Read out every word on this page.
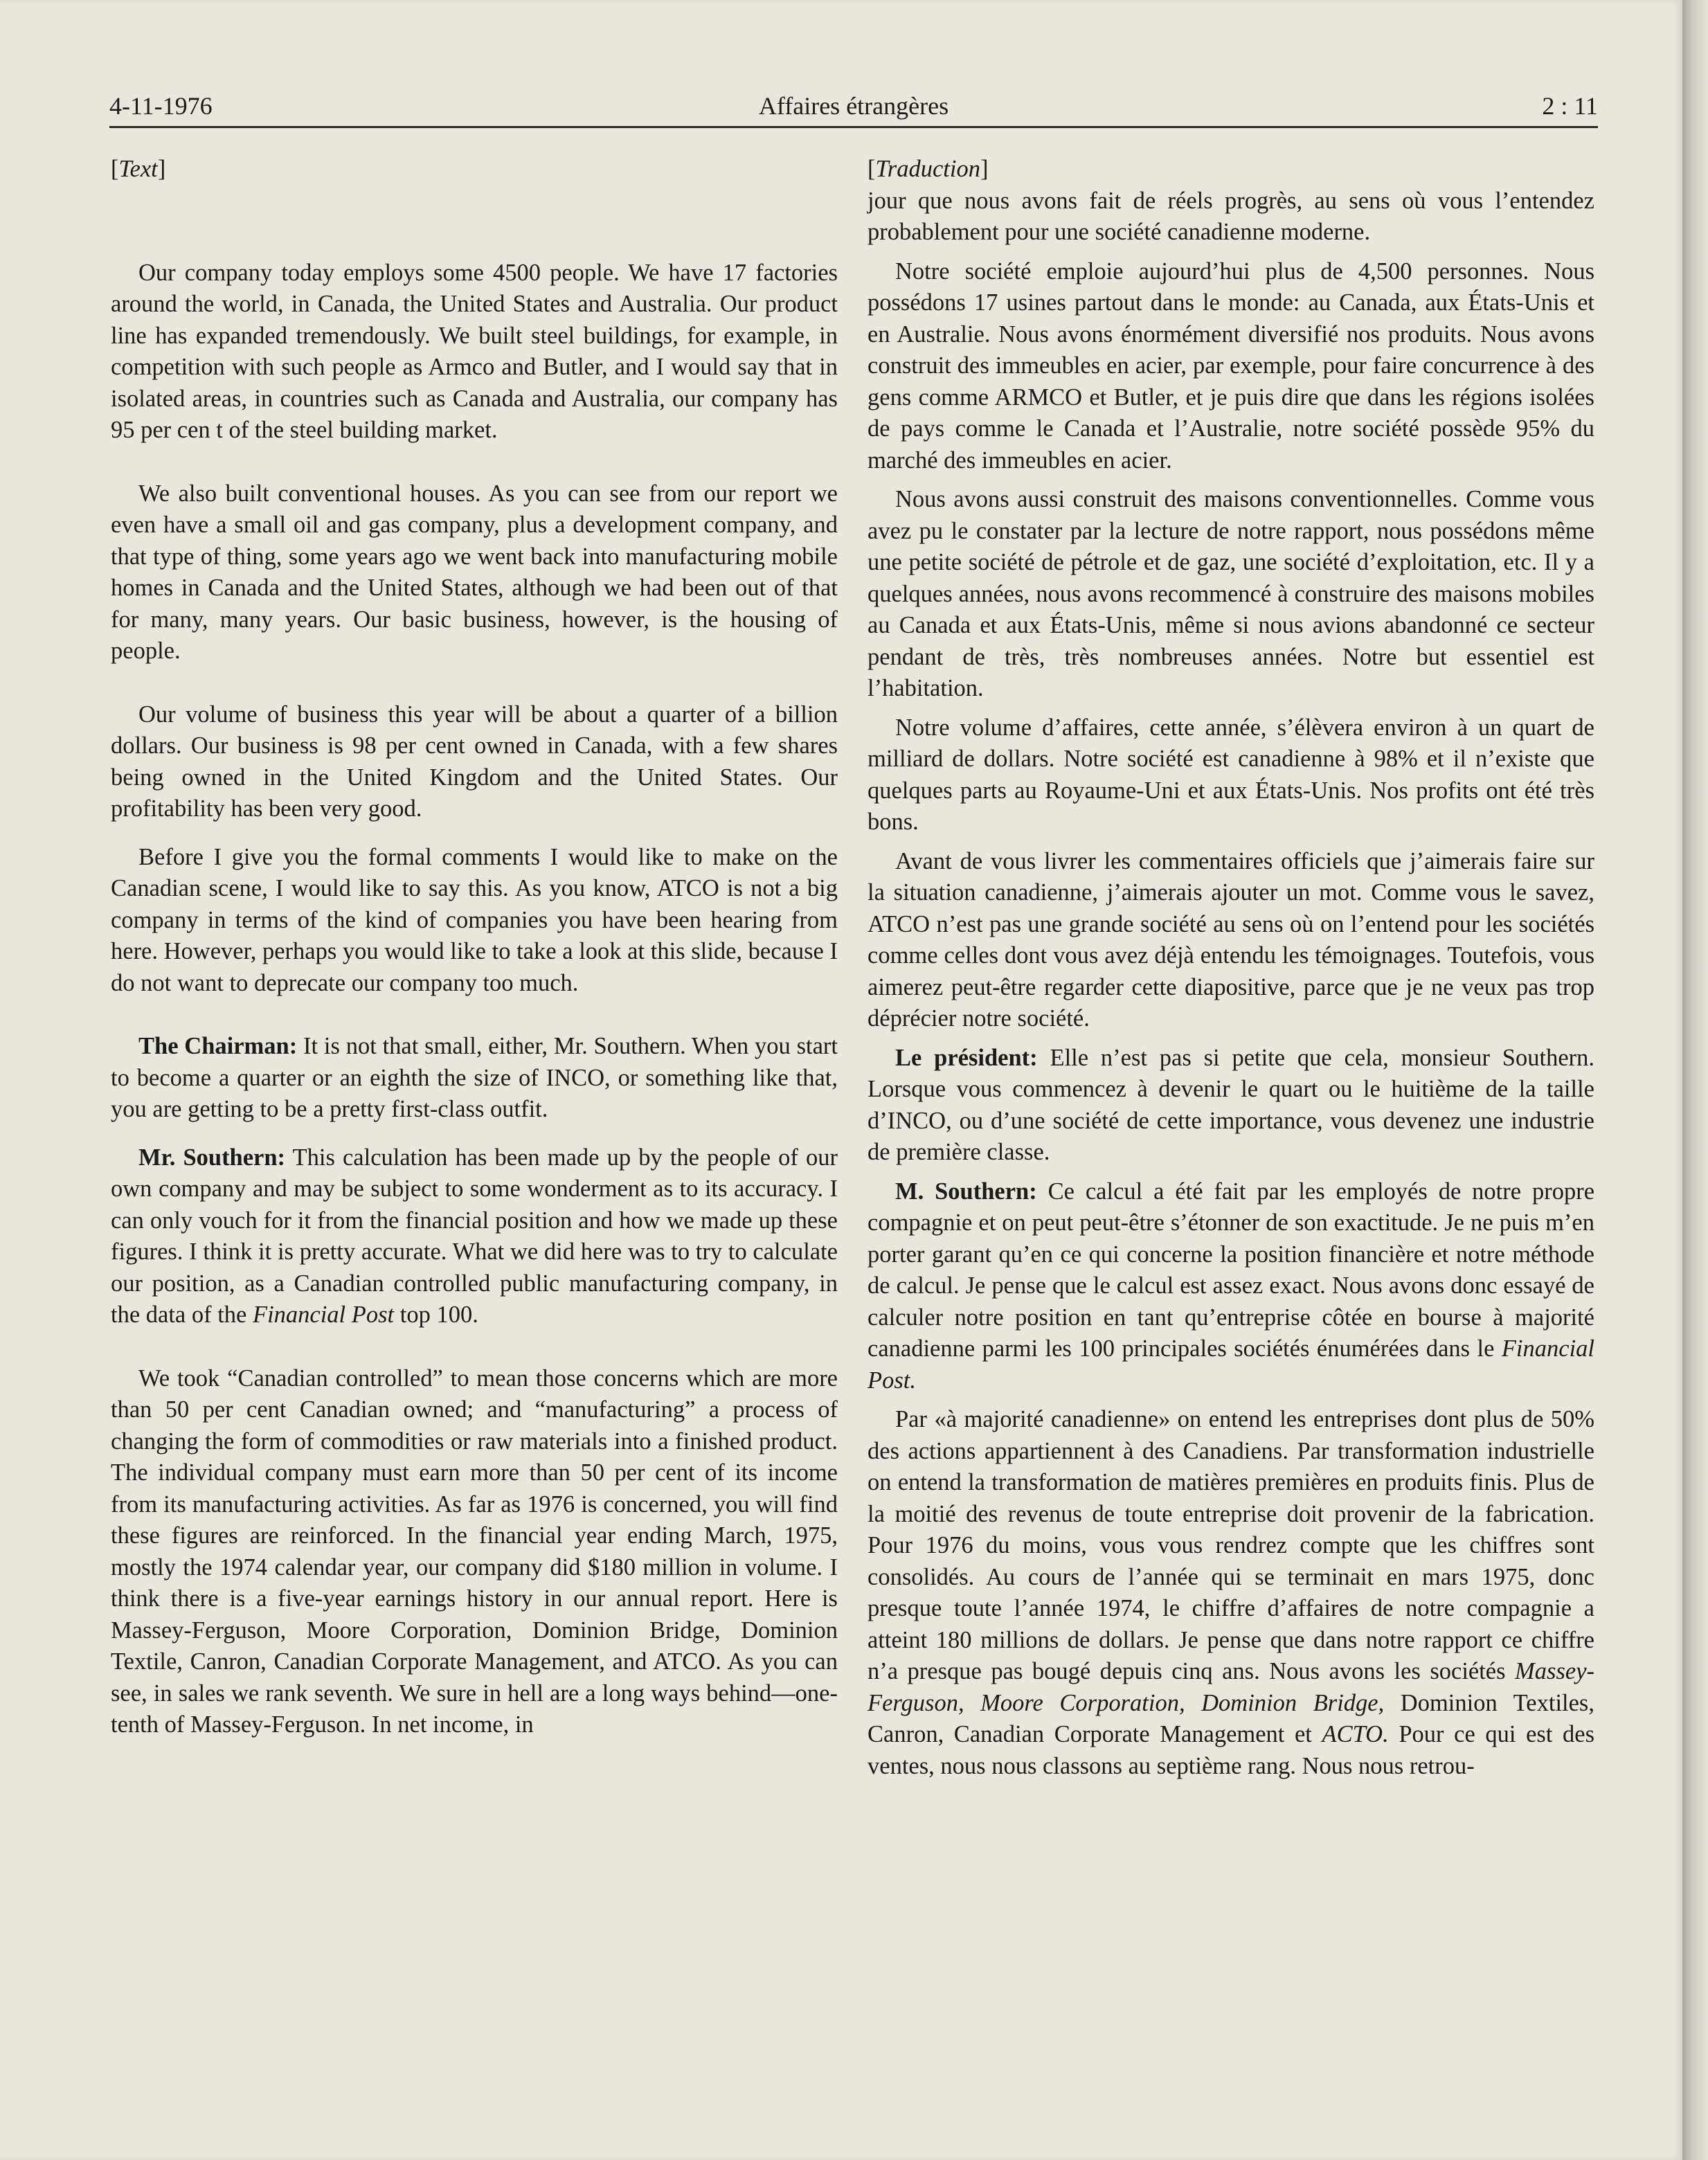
4-11-1976	Affaires étrangères	2 : 11

[Text]

Our company today employs some 4500 people. We have 17 factories around the world, in Canada, the United States and Australia. Our product line has expanded tremendously. We built steel buildings, for example, in competition with such people as Armco and Butler, and I would say that in isolated areas, in countries such as Canada and Australia, our company has 95 per cen t of the steel building market.

We also built conventional houses. As you can see from our report we even have a small oil and gas company, plus a development company, and that type of thing, some years ago we went back into manufacturing mobile homes in Canada and the United States, although we had been out of that for many, many years. Our basic business, however, is the housing of people.

Our volume of business this year will be about a quarter of a billion dollars. Our business is 98 per cent owned in Canada, with a few shares being owned in the United Kingdom and the United States. Our profitability has been very good.

Before I give you the formal comments I would like to make on the Canadian scene, I would like to say this. As you know, ATCO is not a big company in terms of the kind of companies you have been hearing from here. However, perhaps you would like to take a look at this slide, because I do not want to deprecate our company too much.

The Chairman: It is not that small, either, Mr. Southern. When you start to become a quarter or an eighth the size of INCO, or something like that, you are getting to be a pretty first-class outfit.

Mr. Southern: This calculation has been made up by the people of our own company and may be subject to some wonderment as to its accuracy. I can only vouch for it from the financial position and how we made up these figures. I think it is pretty accurate. What we did here was to try to calculate our position, as a Canadian controlled public manufacturing company, in the data of the Financial Post top 100.

We took “Canadian controlled” to mean those concerns which are more than 50 per cent Canadian owned; and “manufacturing” a process of changing the form of commodities or raw materials into a finished product. The individual company must earn more than 50 per cent of its income from its manufacturing activities. As far as 1976 is concerned, you will find these figures are reinforced. In the financial year ending March, 1975, mostly the 1974 calendar year, our company did $180 million in volume. I think there is a five-year earnings history in our annual report. Here is Massey-Ferguson, Moore Corporation, Dominion Bridge, Dominion Textile, Canron, Canadian Corporate Management, and ATCO. As you can see, in sales we rank seventh. We sure in hell are a long ways behind—one-tenth of Massey-Ferguson. In net income, in

[Traduction]

jour que nous avons fait de réels progrès, au sens où vous l’entendez probablement pour une société canadienne moderne.

Notre société emploie aujourd’hui plus de 4,500 personnes. Nous possédons 17 usines partout dans le monde: au Canada, aux États-Unis et en Australie. Nous avons énormément diversifié nos produits. Nous avons construit des immeubles en acier, par exemple, pour faire concurrence à des gens comme ARMCO et Butler, et je puis dire que dans les régions isolées de pays comme le Canada et l’Australie, notre société possède 95% du marché des immeubles en acier.

Nous avons aussi construit des maisons conventionnelles. Comme vous avez pu le constater par la lecture de notre rapport, nous possédons même une petite société de pétrole et de gaz, une société d’exploitation, etc. Il y a quelques années, nous avons recommencé à construire des maisons mobiles au Canada et aux États-Unis, même si nous avions abandonné ce secteur pendant de très, très nombreuses années. Notre but essentiel est l’habitation.

Notre volume d’affaires, cette année, s’élèvera environ à un quart de milliard de dollars. Notre société est canadienne à 98% et il n’existe que quelques parts au Royaume-Uni et aux États-Unis. Nos profits ont été très bons.

Avant de vous livrer les commentaires officiels que j’aimerais faire sur la situation canadienne, j’aimerais ajouter un mot. Comme vous le savez, ATCO n’est pas une grande société au sens où on l’entend pour les sociétés comme celles dont vous avez déjà entendu les témoignages. Toutefois, vous aimerez peut-être regarder cette diapositive, parce que je ne veux pas trop déprécier notre société.

Le président: Elle n’est pas si petite que cela, monsieur Southern. Lorsque vous commencez à devenir le quart ou le huitième de la taille d’INCO, ou d’une société de cette importance, vous devenez une industrie de première classe.

M. Southern: Ce calcul a été fait par les employés de notre propre compagnie et on peut peut-être s’étonner de son exactitude. Je ne puis m’en porter garant qu’en ce qui concerne la position financière et notre méthode de calcul. Je pense que le calcul est assez exact. Nous avons donc essayé de calculer notre position en tant qu’entreprise côtée en bourse à majorité canadienne parmi les 100 principales sociétés énumérées dans le Financial Post.

Par «à majorité canadienne» on entend les entreprises dont plus de 50% des actions appartiennent à des Canadiens. Par transformation industrielle on entend la transformation de matières premières en produits finis. Plus de la moitié des revenus de toute entreprise doit provenir de la fabrication. Pour 1976 du moins, vous vous rendrez compte que les chiffres sont consolidés. Au cours de l’année qui se terminait en mars 1975, donc presque toute l’année 1974, le chiffre d’affaires de notre compagnie a atteint 180 millions de dollars. Je pense que dans notre rapport ce chiffre n’a presque pas bougé depuis cinq ans. Nous avons les sociétés Massey-Ferguson, Moore Corporation, Dominion Bridge, Dominion Textiles, Canron, Canadian Corporate Management et ACTO. Pour ce qui est des ventes, nous nous classons au septième rang. Nous nous retrou-
